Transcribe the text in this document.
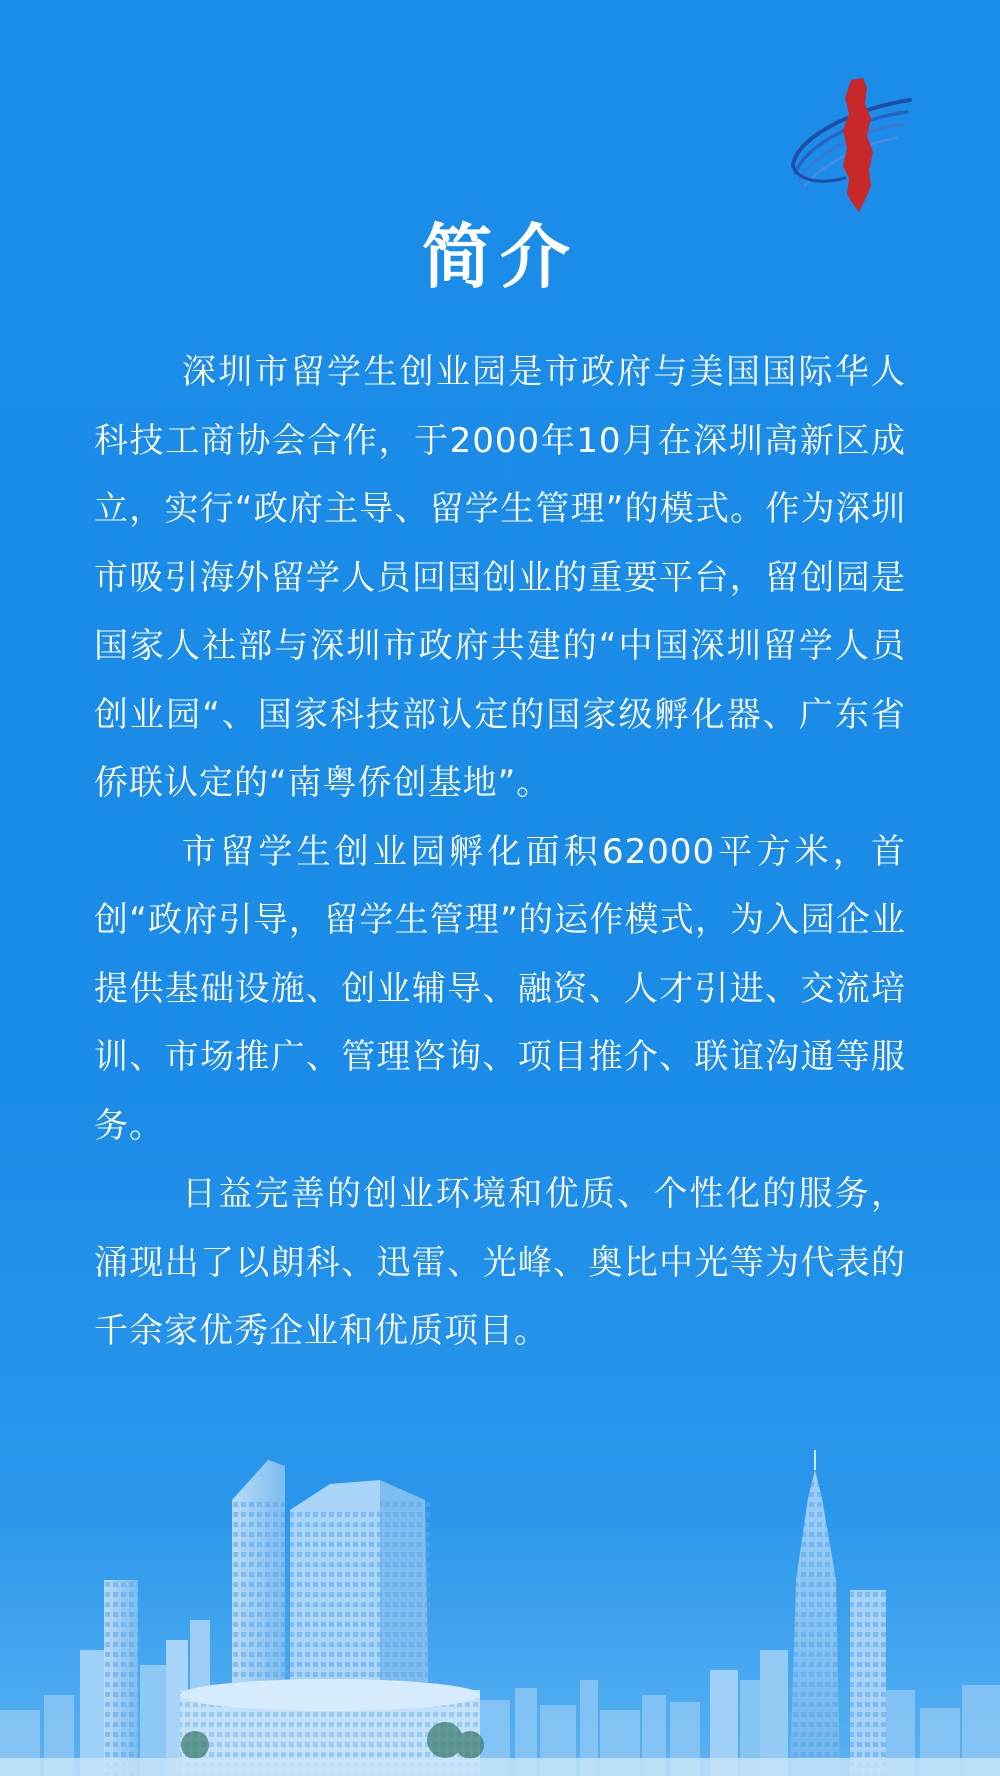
简介

深圳市留学生创业园是市政府与美国国际华人科技工商协会合作，于2000年10月在深圳高新区成立，实行“政府主导、留学生管理”的模式。作为深圳市吸引海外留学人员回国创业的重要平台，留创园是国家人社部与深圳市政府共建的“中国深圳留学人员创业园“、国家科技部认定的国家级孵化器、广东省侨联认定的“南粤侨创基地”。

市留学生创业园孵化面积62000平方米，首创“政府引导，留学生管理”的运作模式，为入园企业提供基础设施、创业辅导、融资、人才引进、交流培训、市场推广、管理咨询、项目推介、联谊沟通等服务。

日益完善的创业环境和优质、个性化的服务，涌现出了以朗科、迅雷、光峰、奥比中光等为代表的千余家优秀企业和优质项目。
